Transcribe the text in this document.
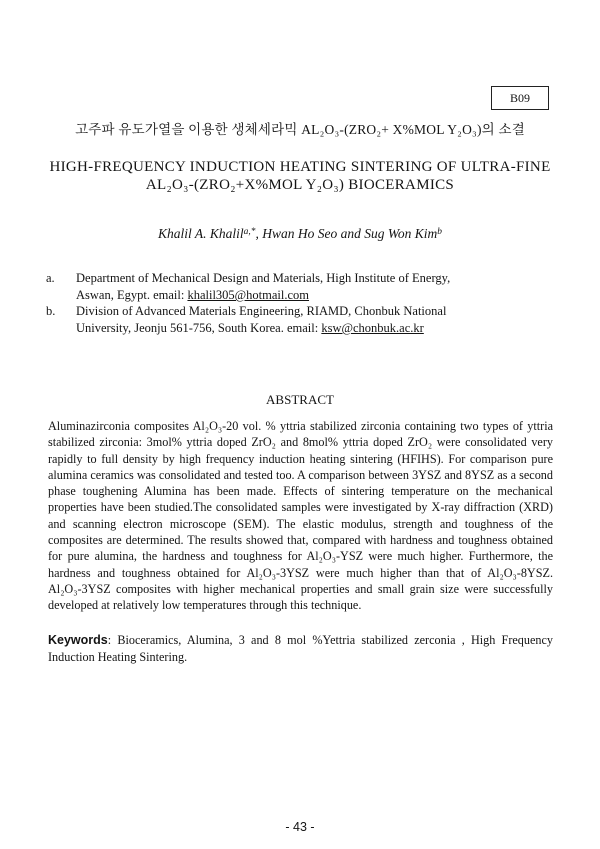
B09
고주파 유도가열을 이용한 생체세라믹 AL₂O₃-(ZRO₂+ X%MOL Y₂O₃)의 소결
HIGH-FREQUENCY INDUCTION HEATING SINTERING OF ULTRA-FINE
AL₂O₃-(ZRO₂+X%MOL Y₂O₃) BIOCERAMICS
Khalil A. Khalil$^{a,*}$, Hwan Ho Seo and Sug Won Kim$^b$
a. Department of Mechanical Design and Materials, High Institute of Energy,
Aswan, Egypt. email: khalil305@hotmail.com
b. Division of Advanced Materials Engineering, RIAMD, Chonbuk National
University, Jeonju 561-756, South Korea. email: ksw@chonbuk.ac.kr
ABSTRACT
Aluminazirconia composites Al₂O₃-20 vol. % yttria stabilized zirconia containing two types of yttria stabilized zirconia: 3mol% yttria doped ZrO₂ and 8mol% yttria doped ZrO₂ were consolidated very rapidly to full density by high frequency induction heating sintering (HFIHS). For comparison pure alumina ceramics was consolidated and tested too. A comparison between 3YSZ and 8YSZ as a second phase toughening Alumina has been made. Effects of sintering temperature on the mechanical properties have been studied.The consolidated samples were investigated by X-ray diffraction (XRD) and scanning electron microscope (SEM). The elastic modulus, strength and toughness of the composites are determined. The results showed that, compared with hardness and toughness obtained for pure alumina, the hardness and toughness for Al₂O₃-YSZ were much higher. Furthermore, the hardness and toughness obtained for Al₂O₃-3YSZ were much higher than that of Al₂O₃-8YSZ. Al₂O₃-3YSZ composites with higher mechanical properties and small grain size were successfully developed at relatively low temperatures through this technique.
Keywords: Bioceramics, Alumina, 3 and 8 mol %Yettria stabilized zerconia , High Frequency Induction Heating Sintering.
- 43 -
